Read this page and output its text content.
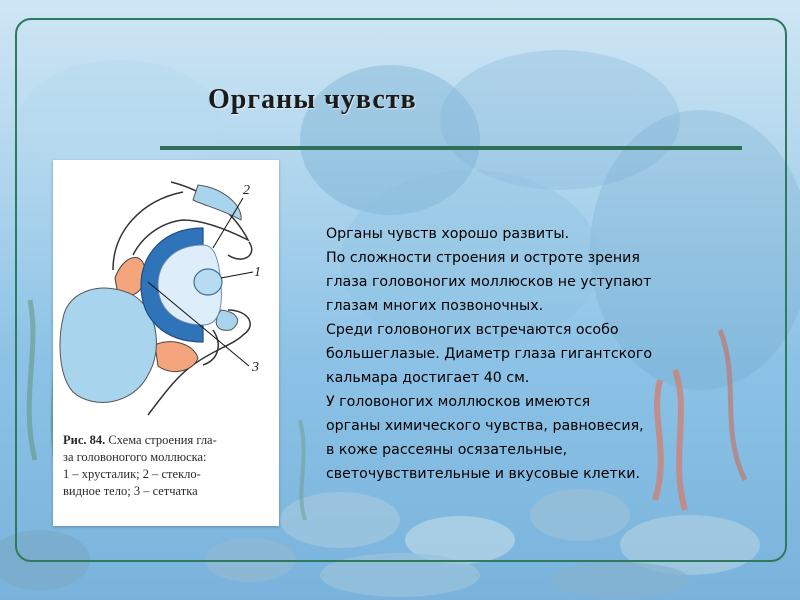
Органы чувств
2
1
3
Рис. 84. Схема строения гла-
за головоногого моллюска:
1 – хрусталик; 2 – стекло-
видное тело; 3 – сетчатка
Органы чувств хорошо развиты.
По сложности строения и остроте зрения
глаза головоногих моллюсков не уступают
глазам многих позвоночных.
Среди головоногих встречаются особо
большеглазые. Диаметр глаза гигантского
кальмара достигает 40 см.
У головоногих моллюсков имеются
органы химического чувства, равновесия,
в коже рассеяны осязательные,
светочувствительные и вкусовые клетки.
